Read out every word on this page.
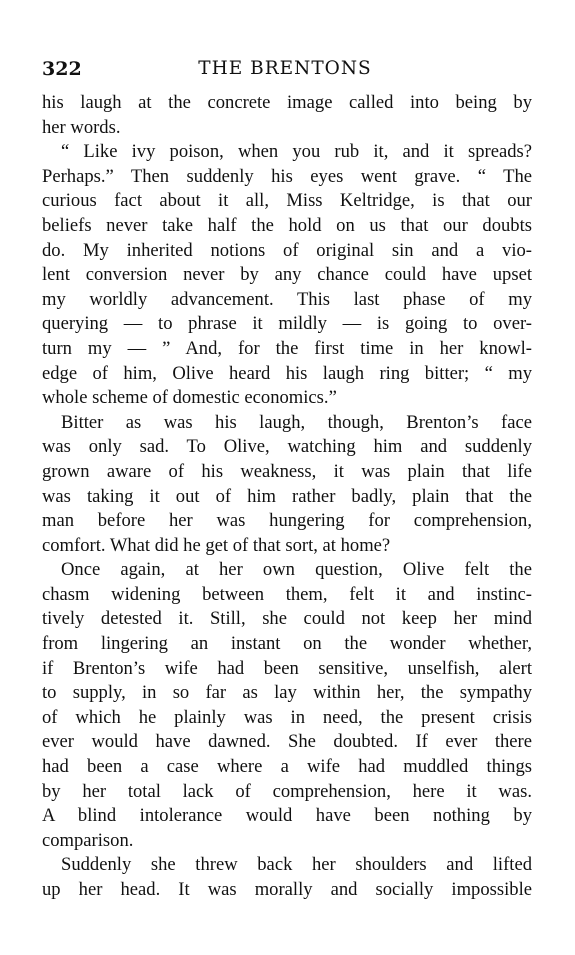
322	THE BRENTONS
his laugh at the concrete image called into being by
her words.
“ Like ivy poison, when you rub it, and it spreads?
Perhaps.” Then suddenly his eyes went grave. “ The
curious fact about it all, Miss Keltridge, is that our
beliefs never take half the hold on us that our doubts
do. My inherited notions of original sin and a vio-
lent conversion never by any chance could have upset
my worldly advancement. This last phase of my
querying — to phrase it mildly — is going to over-
turn my — ” And, for the first time in her knowl-
edge of him, Olive heard his laugh ring bitter; “ my
whole scheme of domestic economics.”
Bitter as was his laugh, though, Brenton’s face
was only sad. To Olive, watching him and suddenly
grown aware of his weakness, it was plain that life
was taking it out of him rather badly, plain that the
man before her was hungering for comprehension,
comfort. What did he get of that sort, at home?
Once again, at her own question, Olive felt the
chasm widening between them, felt it and instinc-
tively detested it. Still, she could not keep her mind
from lingering an instant on the wonder whether,
if Brenton’s wife had been sensitive, unselfish, alert
to supply, in so far as lay within her, the sympathy
of which he plainly was in need, the present crisis
ever would have dawned. She doubted. If ever there
had been a case where a wife had muddled things
by her total lack of comprehension, here it was.
A blind intolerance would have been nothing by
comparison.
Suddenly she threw back her shoulders and lifted
up her head. It was morally and socially impossible
